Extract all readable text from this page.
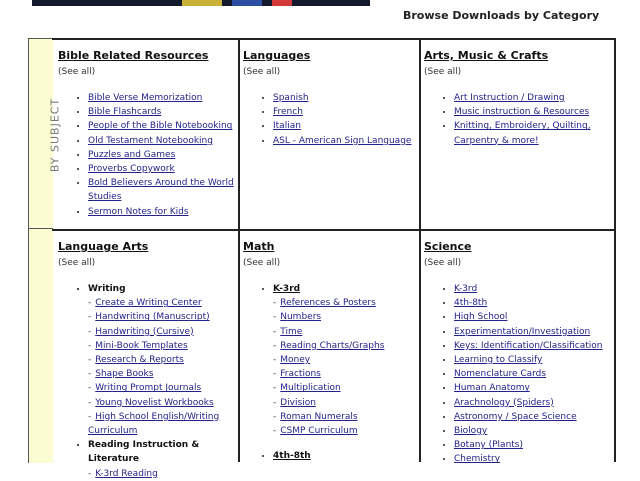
Browse Downloads by Category
BY SUBJECT
Bible Related Resources
(See all)
• Bible Verse Memorization
• Bible Flashcards
• People of the Bible Notebooking
• Old Testament Notebooking
• Puzzles and Games
• Proverbs Copywork
• Bold Believers Around the World Studies
• Sermon Notes for Kids
Languages
(See all)
• Spanish
• French
• Italian
• ASL - American Sign Language
Arts, Music & Crafts
(See all)
• Art Instruction / Drawing
• Music instruction & Resources
• Knitting, Embroidery, Quilting, Carpentry & more!
Language Arts
(See all)
• Writing
- Create a Writing Center
- Handwriting (Manuscript)
- Handwriting (Cursive)
- Mini-Book Templates
- Research & Reports
- Shape Books
- Writing Prompt Journals
- Young Novelist Workbooks
- High School English/Writing Curriculum
• Reading Instruction & Literature
- K-3rd Reading
Math
(See all)
• K-3rd
- References & Posters
- Numbers
- Time
- Reading Charts/Graphs
- Money
- Fractions
- Multiplication
- Division
- Roman Numerals
- CSMP Curriculum
• 4th-8th
Science
(See all)
• K-3rd
• 4th-8th
• High School
• Experimentation/Investigation
• Keys: Identification/Classification
• Learning to Classify
• Nomenclature Cards
• Human Anatomy
• Arachnology (Spiders)
• Astronomy / Space Science
• Biology
• Botany (Plants)
• Chemistry
